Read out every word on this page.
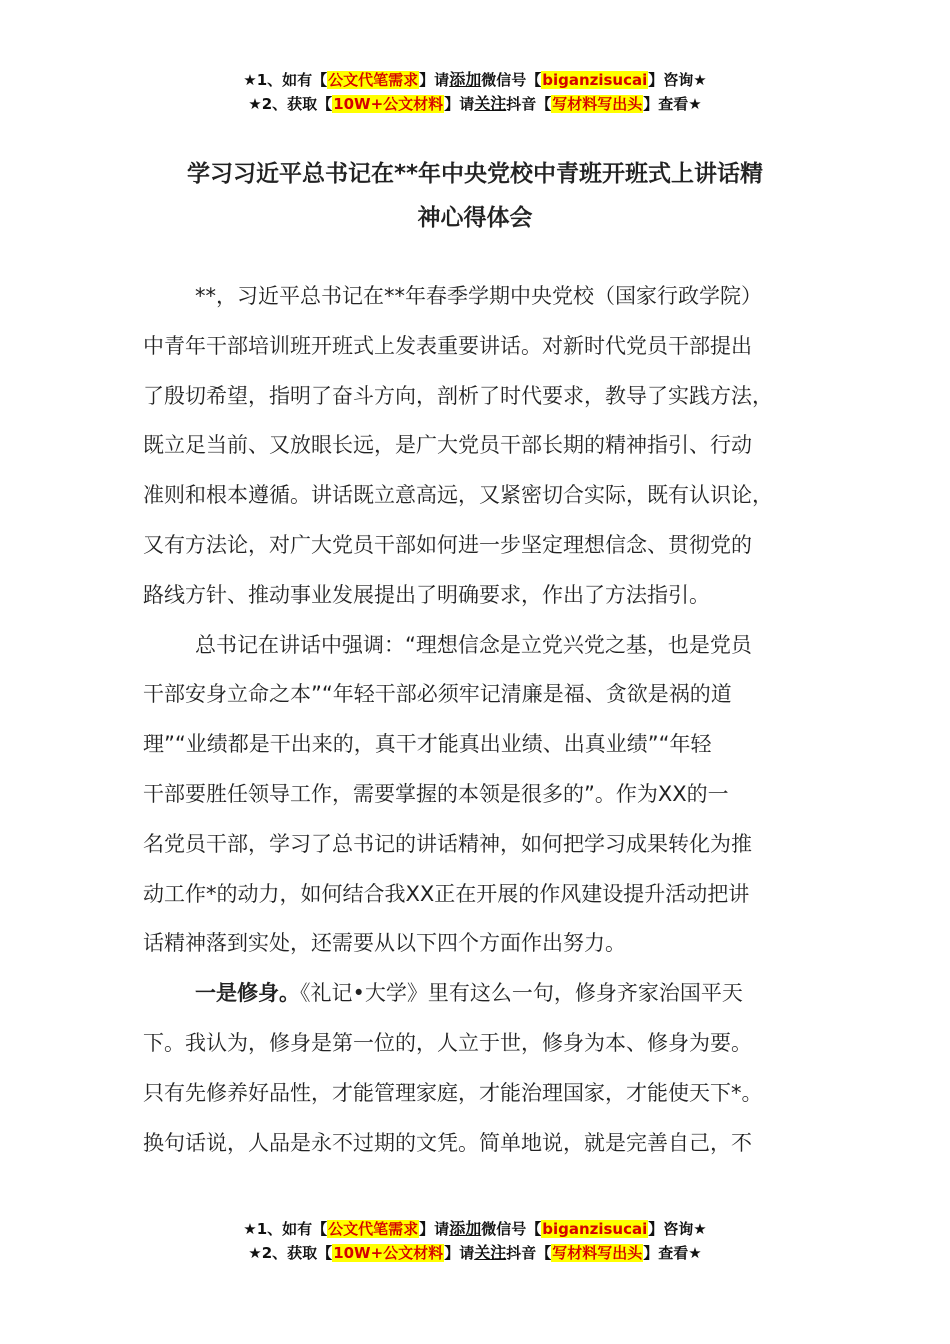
★1、如有【公文代笔需求】请添加微信号【biganzisucai】咨询★
★2、获取【10W+公文材料】请关注抖音【写材料写出头】查看★
学习习近平总书记在**年中央党校中青班开班式上讲话精
神心得体会
**，习近平总书记在**年春季学期中央党校（国家行政学院）
中青年干部培训班开班式上发表重要讲话。对新时代党员干部提出
了殷切希望，指明了奋斗方向，剖析了时代要求，教导了实践方法，
既立足当前、又放眼长远，是广大党员干部长期的精神指引、行动
准则和根本遵循。讲话既立意高远，又紧密切合实际，既有认识论，
又有方法论，对广大党员干部如何进一步坚定理想信念、贯彻党的
路线方针、推动事业发展提出了明确要求，作出了方法指引。
总书记在讲话中强调：“理想信念是立党兴党之基，也是党员
干部安身立命之本”“年轻干部必须牢记清廉是福、贪欲是祸的道
理”“业绩都是干出来的，真干才能真出业绩、出真业绩”“年轻
干部要胜任领导工作，需要掌握的本领是很多的”。作为XX的一
名党员干部，学习了总书记的讲话精神，如何把学习成果转化为推
动工作*的动力，如何结合我XX正在开展的作风建设提升活动把讲
话精神落到实处，还需要从以下四个方面作出努力。
一是修身。《礼记•大学》里有这么一句，修身齐家治国平天
下。我认为，修身是第一位的，人立于世，修身为本、修身为要。
只有先修养好品性，才能管理家庭，才能治理国家，才能使天下*。
换句话说，人品是永不过期的文凭。简单地说，就是完善自己，不
★1、如有【公文代笔需求】请添加微信号【biganzisucai】咨询★
★2、获取【10W+公文材料】请关注抖音【写材料写出头】查看★
